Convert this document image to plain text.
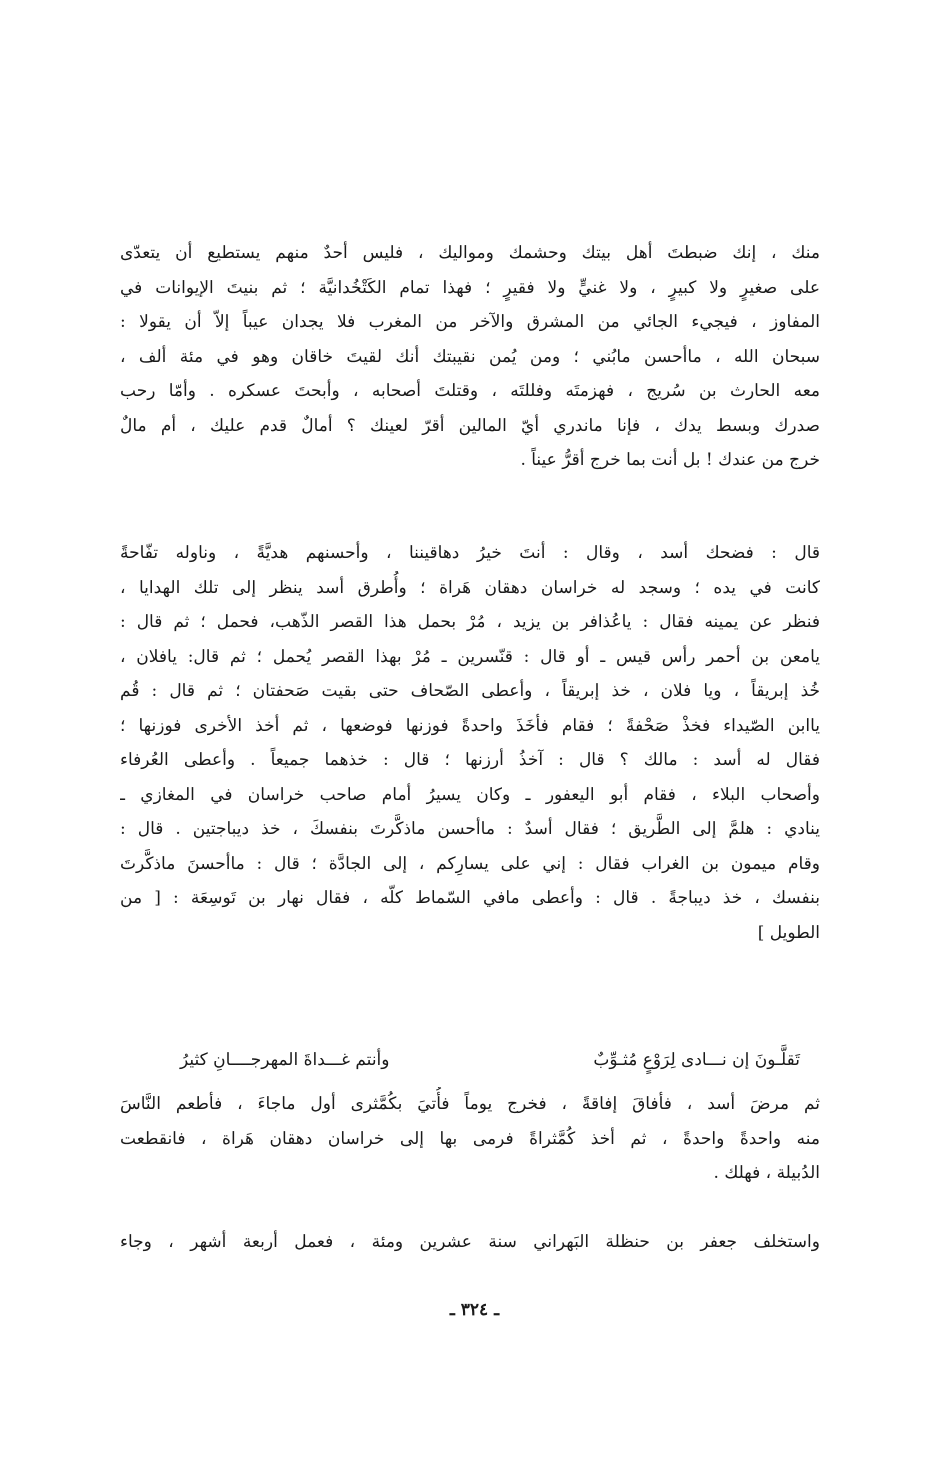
منك ، إنك ضبطتَ أهل بيتك وحشمك ومواليك ، فليس أحدٌ منهم يستطيع أن يتعدّى
على صغيرٍ ولا كبيرٍ ، ولا غنيٍّ ولا فقيرٍ ؛ فهذا تمام الكَتْخُدانيَّة ؛ ثم بنيتَ الإيوانات في
المفاوز ، فيجيء الجائي من المشرق والآخر من المغرب فلا يجدان عيباً إلاّ أن يقولا :
سبحان الله ، ماأحسن مابُني ؛ ومن يُمن نقيبتك أنك لقيتَ خاقان وهو في مئة ألف ،
معه الحارث بن سُريج ، فهزمتَه وفللتَه ، وقتلتَ أصحابه ، وأبحتَ عسكره . وأمّا رحب
صدرك وبسط يدك ، فإنا ماندري أيّ المالين أقرّ لعينك ؟ أمالٌ قدم عليك ، أم مالٌ
خرج من عندك ! بل أنت بما خرج أقرُّ عيناً .
قال : فضحك أسد ، وقال : أنتَ خيرُ دهاقيننا ، وأحسنهم هديَّةً ، وناوله تفّاحةً
كانت في يده ؛ وسجد له خراسان دهقان هَراة ؛ وأُطرق أسد ينظر إلى تلك الهدايا ،
فنظر عن يمينه فقال : ياعُذافر بن يزيد ، مُرْ بحمل هذا القصر الذّهب، فحمل ؛ ثم قال :
يامعن بن أحمر رأس قيس ـ أو قال : قنّسرين ـ مُرْ بهذا القصر يُحمل ؛ ثم قال: يافلان ،
خُذ إبريقاً ، ويا فلان ، خذ إبريقاً ، وأعطى الصّحاف حتى بقيت صَحفتان ؛ ثم قال : قُم
ياابن الصّيداء فخذْ صَحْفةً ؛ فقام فأخَذَ واحدةً فوزنها فوضعها ، ثم أخذ الأخرى فوزنها ؛
فقال له أسد : مالك ؟ قال : آخذُ أرزنها ؛ قال : خذهما جميعاً . وأعطى العُرفاء
وأصحاب البلاء ، فقام أبو اليعفور ـ وكان يسيرُ أمام صاحب خراسان في المغازي ـ
ينادي : هلمَّ إلى الطَّريق ؛ فقال أسدٌ : ماأحسن ماذكَّرتَ بنفسكَ ، خذ ديباجتين . قال :
وقام ميمون بن الغراب فقال : إني على يسارِكم ، إلى الجادَّة ؛ قال : ماأحسنَ ماذكَّرتَ
بنفسك ، خذ ديباجةً . قال : وأعطى مافي السّماط كلّه ، فقال نهار بن تَوسِعَة : [ من
الطويل ]
تَقلَّـونَ إن نـــادى لِرَوْعٍ مُثـوِّبٌ
وأنتم غـــداةَ المهرجــــانِ كثيرُ
ثم مرضَ أسد ، فأفاقَ إفاقةً ، فخرج يوماً فأُتيَ بكُمَّثرى أول ماجاءَ ، فأطعم النَّاسَ
منه واحدةً واحدةً ، ثم أخذ كُمَّثراةً فرمى بها إلى خراسان دهقان هَراة ، فانقطعت
الدُبيلة ، فهلك .
واستخلف جعفر بن حنظلة البَهراني سنة عشرين ومئة ، فعمل أربعة أشهر ، وجاء
ـ ٣٢٤ ـ
